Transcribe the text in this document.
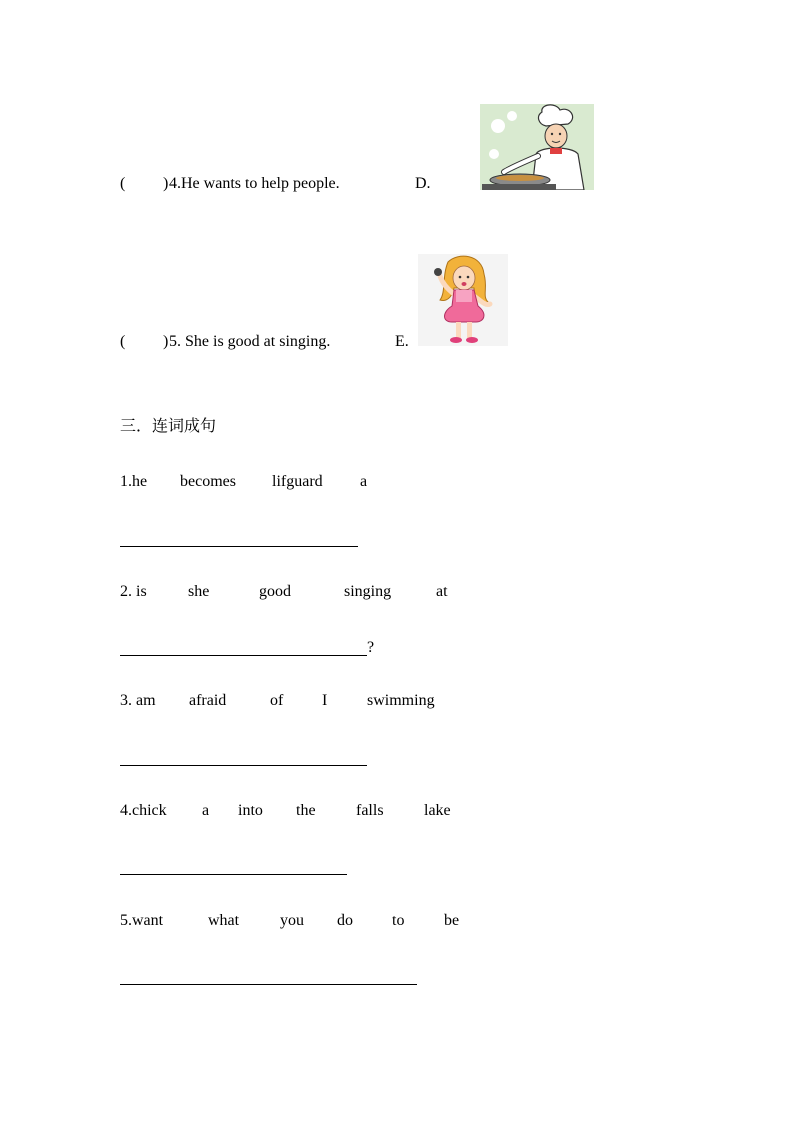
( ) 4.He wants to help people.	D.
( ) 5. She is good at singing.	E.
三．连词成句
1.he becomes lifguard a
2. is	she	good	singing	at
?
3. am afraid	of I swimming
4.chick a into the	falls	lake
5.want	what	you do to be
